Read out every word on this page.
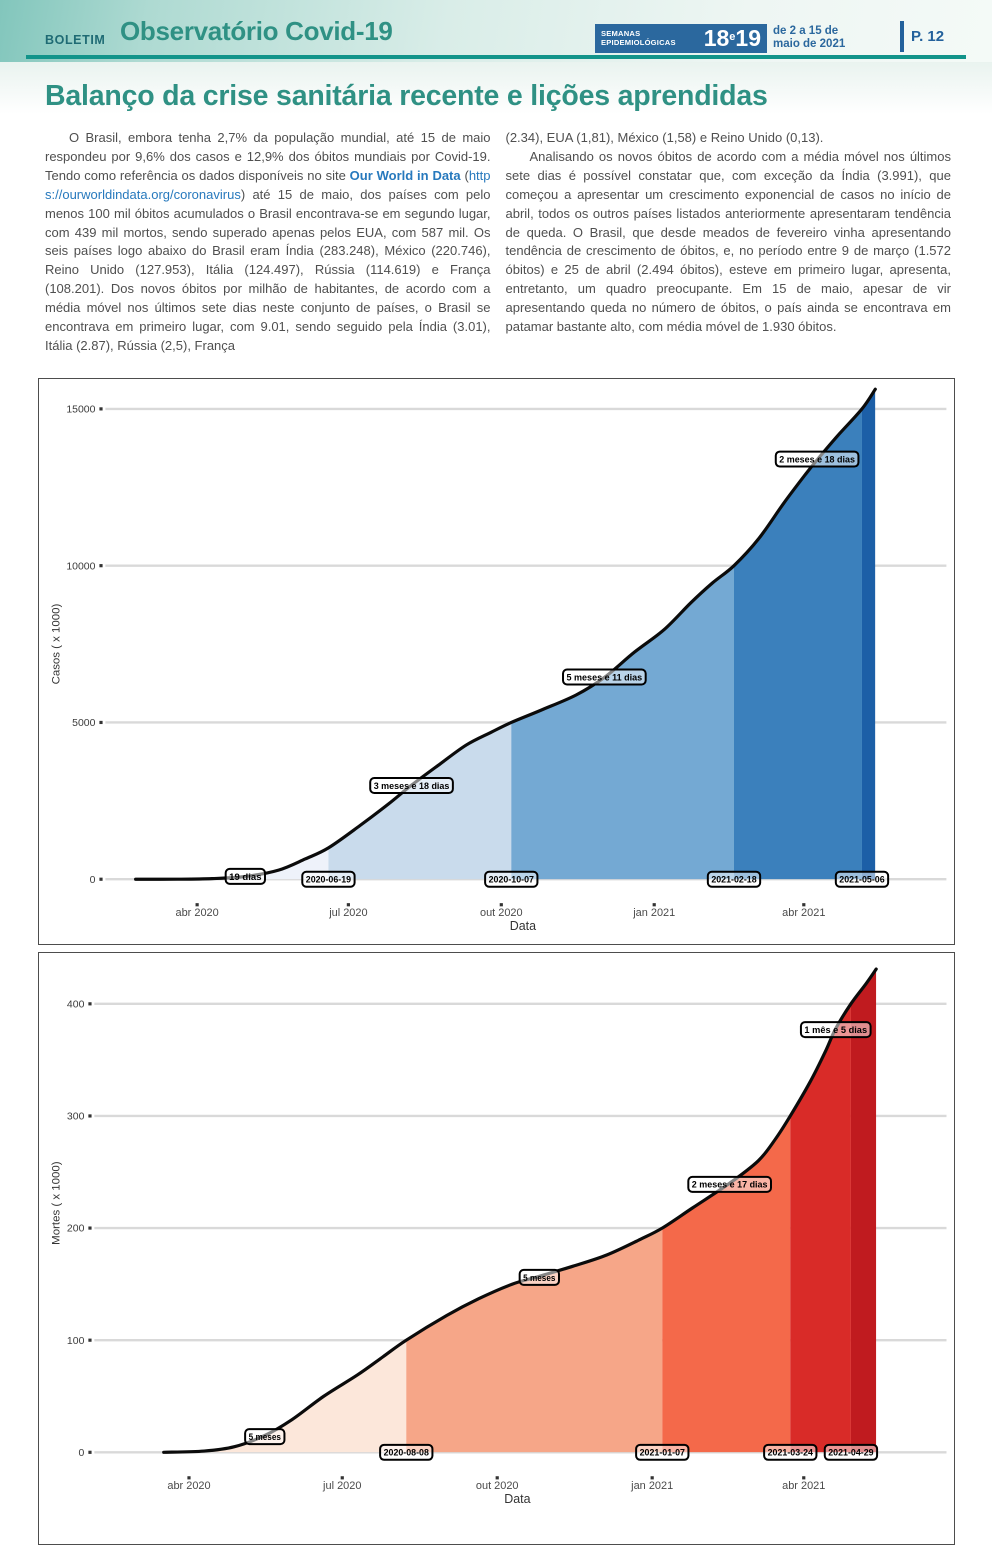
BOLETIM Observatório Covid-19	SEMANAS
EPIDEMIOLÓGICAS	18e19 de 2 a 15 de
maio de 2021	P. 12
Balanço da crise sanitária recente e lições aprendidas

O Brasil, embora tenha 2,7% da população mundial, até 15 de maio respondeu por 9,6% dos casos e 12,9% dos óbitos mundiais por Covid-19. Tendo como referência os dados disponíveis no site Our World in Data (https://ourworldindata.org/coronavirus) até 15 de maio, dos países com pelo menos 100 mil óbitos acumulados o Brasil encontrava-se em segundo lugar, com 439 mil mortos, sendo superado apenas pelos EUA, com 587 mil. Os seis países logo abaixo do Brasil eram Índia (283.248), México (220.746), Reino Unido (127.953), Itália (124.497), Rússia (114.619) e França (108.201). Dos novos óbitos por milhão de habitantes, de acordo com a média móvel nos últimos sete dias neste conjunto de países, o Brasil se encontrava em primeiro lugar, com 9.01, sendo seguido pela Índia (3.01), Itália (2.87), Rússia (2,5), França

(2.34), EUA (1,81), México (1,58) e Reino Unido (0,13).

Analisando os novos óbitos de acordo com a média móvel nos últimos sete dias é possível constatar que, com exceção da Índia (3.991), que começou a apresentar um crescimento exponencial de casos no início de abril, todos os outros países listados anteriormente apresentaram tendência de queda. O Brasil, que desde meados de fevereiro vinha apresentando tendência de crescimento de óbitos, e, no período entre 9 de março (1.572 óbitos) e 25 de abril (2.494 óbitos), esteve em primeiro lugar, apresenta, entretanto, um quadro preocupante. Em 15 de maio, apesar de vir apresentando queda no número de óbitos, o país ainda se encontrava em patamar bastante alto, com média móvel de 1.930 óbitos.

0
5000
10000
15000
abr 2020	jul 2020	out 2020	jan 2021	abr 2021
Casos ( x 1000)
Data
19 dias
3 meses e 18 dias
5 meses e 11 dias
2 meses e 18 dias
2020-06-19	2020-10-07	2021-02-18	2021-05-06
0
100
200
300
400
abr 2020	jul 2020	out 2020	jan 2021	abr 2021
Mortes ( x 1000)
Data
5 meses
5 meses
2 meses e 17 dias
1 mês e 5 dias
2020-08-08	2021-01-07	2021-03-24 2021-04-29
